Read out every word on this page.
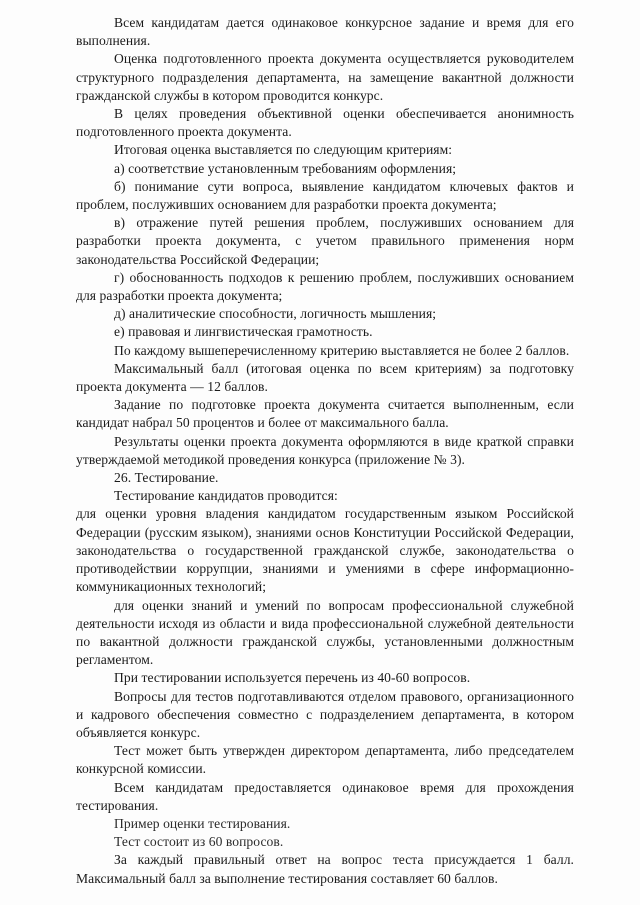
Всем кандидатам дается одинаковое конкурсное задание и время для его выполнения.

Оценка подготовленного проекта документа осуществляется руководителем структурного подразделения департамента, на замещение вакантной должности гражданской службы в котором проводится конкурс.

В целях проведения объективной оценки обеспечивается анонимность подготовленного проекта документа.

Итоговая оценка выставляется по следующим критериям:

а) соответствие установленным требованиям оформления;

б) понимание сути вопроса, выявление кандидатом ключевых фактов и проблем, послуживших основанием для разработки проекта документа;

в) отражение путей решения проблем, послуживших основанием для разработки проекта документа, с учетом правильного применения норм законодательства Российской Федерации;

г) обоснованность подходов к решению проблем, послуживших основанием для разработки проекта документа;

д) аналитические способности, логичность мышления;

е) правовая и лингвистическая грамотность.

По каждому вышеперечисленному критерию выставляется не более 2 баллов.

Максимальный балл (итоговая оценка по всем критериям) за подготовку проекта документа — 12 баллов.

Задание по подготовке проекта документа считается выполненным, если кандидат набрал 50 процентов и более от максимального балла.

Результаты оценки проекта документа оформляются в виде краткой справки утверждаемой методикой проведения конкурса (приложение № 3).

26. Тестирование.

Тестирование кандидатов проводится:

для оценки уровня владения кандидатом государственным языком Российской Федерации (русским языком), знаниями основ Конституции Российской Федерации, законодательства о государственной гражданской службе, законодательства о противодействии коррупции, знаниями и умениями в сфере информационно-коммуникационных технологий;

для оценки знаний и умений по вопросам профессиональной служебной деятельности исходя из области и вида профессиональной служебной деятельности по вакантной должности гражданской службы, установленными должностным регламентом.

При тестировании используется перечень из 40-60 вопросов.

Вопросы для тестов подготавливаются отделом правового, организационного и кадрового обеспечения совместно с подразделением департамента, в котором объявляется конкурс.

Тест может быть утвержден директором департамента, либо председателем конкурсной комиссии.

Всем кандидатам предоставляется одинаковое время для прохождения тестирования.

Пример оценки тестирования.

Тест состоит из 60 вопросов.

За каждый правильный ответ на вопрос теста присуждается 1 балл. Максимальный балл за выполнение тестирования составляет 60 баллов.
